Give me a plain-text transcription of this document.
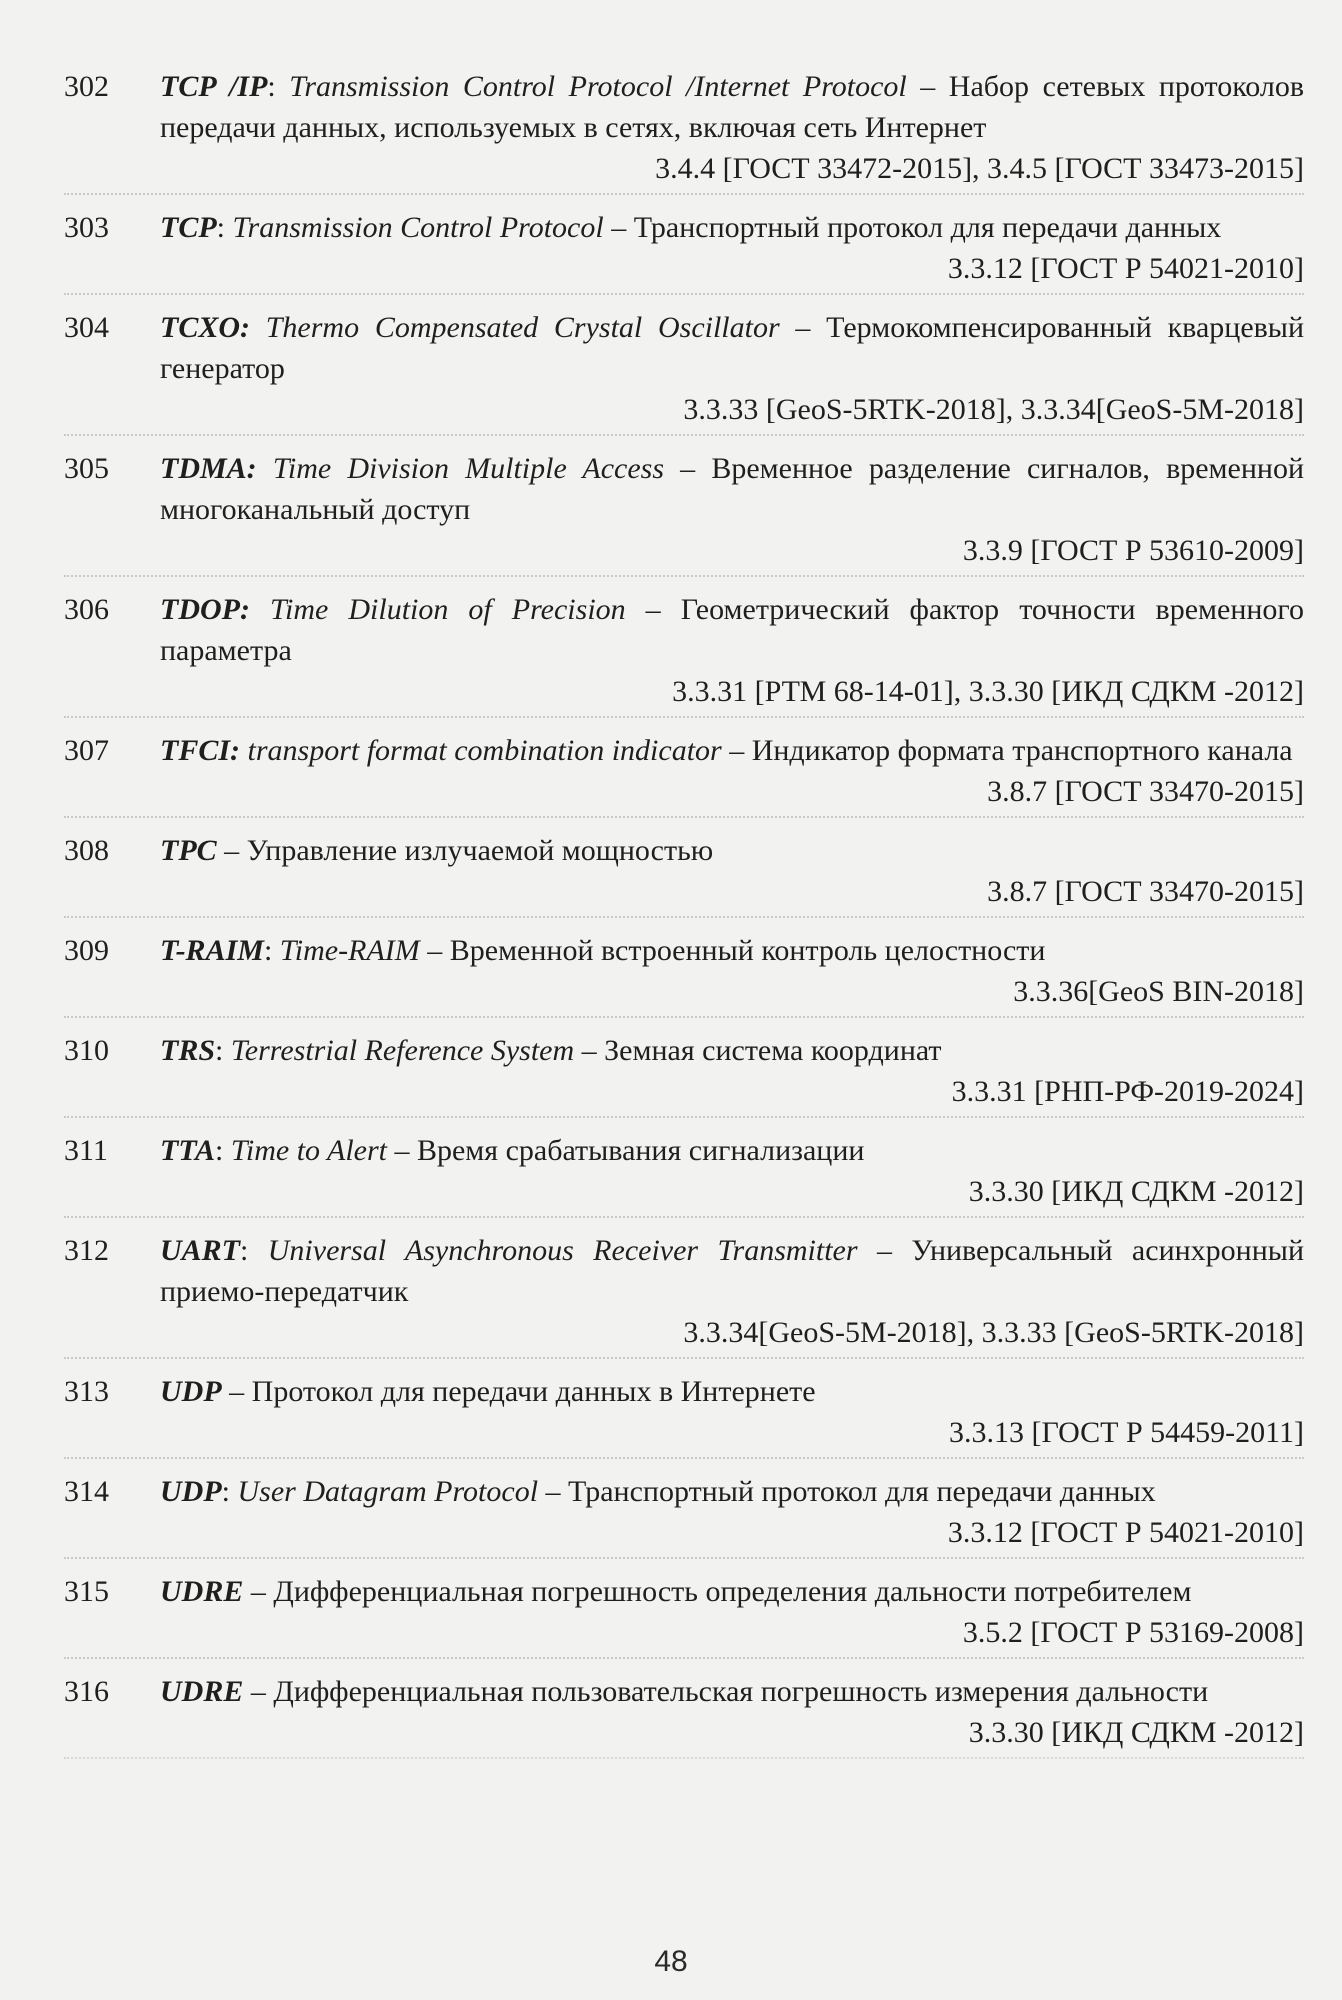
302	TCP /IP: Transmission Control Protocol /Internet Protocol – Набор сетевых протоколов передачи данных, используемых в сетях, включая сеть Интернет
3.4.4 [ГОСТ 33472-2015], 3.4.5 [ГОСТ 33473-2015]
303	TCP: Transmission Control Protocol – Транспортный протокол для передачи данных
3.3.12 [ГОСТ Р 54021-2010]
304	TCXO: Thermo Compensated Crystal Oscillator – Термокомпенсированный кварцевый генератор
3.3.33 [GeoS-5RTK-2018], 3.3.34[GeoS-5M-2018]
305	TDMA: Time Division Multiple Access – Временное разделение сигналов, временной многоканальный доступ
3.3.9 [ГОСТ Р 53610-2009]
306	TDOP: Time Dilution of Precision – Геометрический фактор точности временного параметра
3.3.31 [РТМ 68-14-01], 3.3.30 [ИКД СДКМ -2012]
307	TFCI: transport format combination indicator – Индикатор формата транспортного канала
3.8.7 [ГОСТ 33470-2015]
308	TPC – Управление излучаемой мощностью
3.8.7 [ГОСТ 33470-2015]
309	T-RAIM: Time-RAIM – Временной встроенный контроль целостности
3.3.36[GeoS BIN-2018]
310	TRS: Terrestrial Reference System – Земная система координат
3.3.31 [РНП-РФ-2019-2024]
311	TTA: Time to Alert – Время срабатывания сигнализации
3.3.30 [ИКД СДКМ -2012]
312	UART: Universal Asynchronous Receiver Transmitter – Универсальный асинхронный приемо-передатчик
3.3.34[GeoS-5M-2018], 3.3.33 [GeoS-5RTK-2018]
313	UDP – Протокол для передачи данных в Интернете
3.3.13 [ГОСТ Р 54459-2011]
314	UDP: User Datagram Protocol – Транспортный протокол для передачи данных
3.3.12 [ГОСТ Р 54021-2010]
315	UDRE – Дифференциальная погрешность определения дальности потребителем
3.5.2 [ГОСТ Р 53169-2008]
316	UDRE – Дифференциальная пользовательская погрешность измерения дальности
3.3.30 [ИКД СДКМ -2012]
48
